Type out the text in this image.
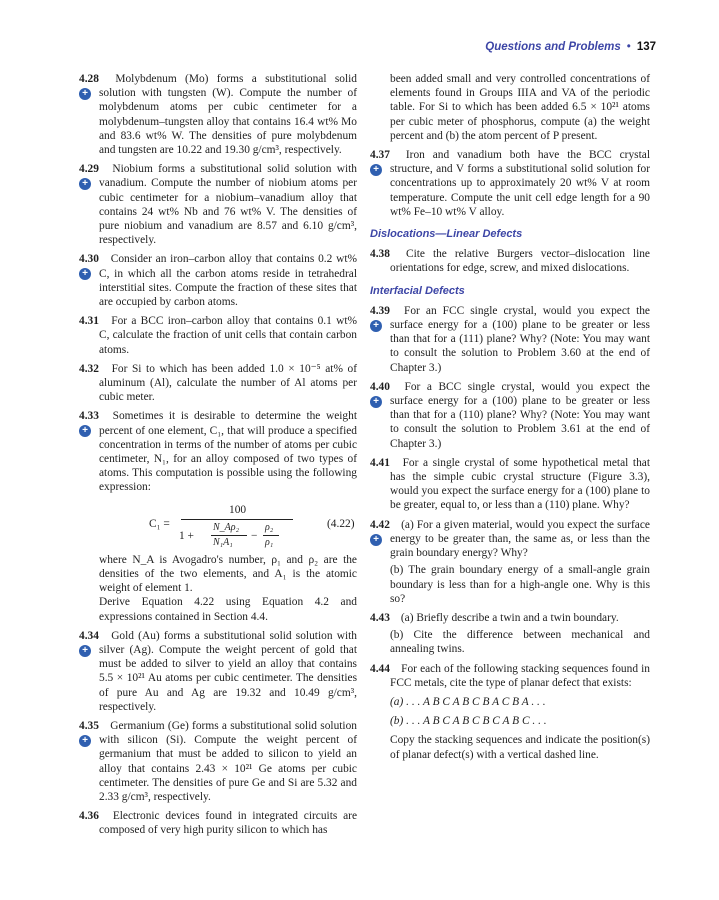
Questions and Problems • 137
+
4.28 Molybdenum (Mo) forms a substitutional solid solution with tungsten (W). Compute the number of molybdenum atoms per cubic centimeter for a molybdenum–tungsten alloy that contains 16.4 wt% Mo and 83.6 wt% W. The densities of pure molybdenum and tungsten are 10.22 and 19.30 g/cm³, respectively.
+
4.29 Niobium forms a substitutional solid solution with vanadium. Compute the number of niobium atoms per cubic centimeter for a niobium–vanadium alloy that contains 24 wt% Nb and 76 wt% V. The densities of pure niobium and vanadium are 8.57 and 6.10 g/cm³, respectively.
+
4.30 Consider an iron–carbon alloy that contains 0.2 wt% C, in which all the carbon atoms reside in tetrahedral interstitial sites. Compute the fraction of these sites that are occupied by carbon atoms.
4.31 For a BCC iron–carbon alloy that contains 0.1 wt% C, calculate the fraction of unit cells that contain carbon atoms.
4.32 For Si to which has been added 1.0 × 10⁻⁵ at% of aluminum (Al), calculate the number of Al atoms per cubic meter.
+
4.33 Sometimes it is desirable to determine the weight percent of one element, C₁, that will produce a specified concentration in terms of the number of atoms per cubic centimeter, N₁, for an alloy composed of two types of atoms. This computation is possible using the following expression:
C₁ =
100
1 +
N_Aρ₂
N₁A₁
−
ρ₂
ρ₁
(4.22)
where N_A is Avogadro's number, ρ₁ and ρ₂ are the densities of the two elements, and A₁ is the atomic weight of element 1.
Derive Equation 4.22 using Equation 4.2 and expressions contained in Section 4.4.
+
4.34 Gold (Au) forms a substitutional solid solution with silver (Ag). Compute the weight percent of gold that must be added to silver to yield an alloy that contains 5.5 × 10²¹ Au atoms per cubic centimeter. The densities of pure Au and Ag are 19.32 and 10.49 g/cm³, respectively.
+
4.35 Germanium (Ge) forms a substitutional solid solution with silicon (Si). Compute the weight percent of germanium that must be added to silicon to yield an alloy that contains 2.43 × 10²¹ Ge atoms per cubic centimeter. The densities of pure Ge and Si are 5.32 and 2.33 g/cm³, respectively.
4.36 Electronic devices found in integrated circuits are composed of very high purity silicon to which has
been added small and very controlled concentrations of elements found in Groups IIIA and VA of the periodic table. For Si to which has been added 6.5 × 10²¹ atoms per cubic meter of phosphorus, compute (a) the weight percent and (b) the atom percent of P present.
+
4.37 Iron and vanadium both have the BCC crystal structure, and V forms a substitutional solid solution for concentrations up to approximately 20 wt% V at room temperature. Compute the unit cell edge length for a 90 wt% Fe–10 wt% V alloy.
Dislocations—Linear Defects
4.38 Cite the relative Burgers vector–dislocation line orientations for edge, screw, and mixed dislocations.
Interfacial Defects
+
4.39 For an FCC single crystal, would you expect the surface energy for a (100) plane to be greater or less than that for a (111) plane? Why? (Note: You may want to consult the solution to Problem 3.60 at the end of Chapter 3.)
+
4.40 For a BCC single crystal, would you expect the surface energy for a (100) plane to be greater or less than that for a (110) plane? Why? (Note: You may want to consult the solution to Problem 3.61 at the end of Chapter 3.)
4.41 For a single crystal of some hypothetical metal that has the simple cubic crystal structure (Figure 3.3), would you expect the surface energy for a (100) plane to be greater, equal to, or less than a (110) plane. Why?
+
4.42 (a) For a given material, would you expect the surface energy to be greater than, the same as, or less than the grain boundary energy? Why?
(b) The grain boundary energy of a small-angle grain boundary is less than for a high-angle one. Why is this so?
4.43 (a) Briefly describe a twin and a twin boundary.
(b) Cite the difference between mechanical and annealing twins.
4.44 For each of the following stacking sequences found in FCC metals, cite the type of planar defect that exists:
(a) . . . A B C A B C B A C B A . . .
(b) . . . A B C A B C B C A B C . . .
Copy the stacking sequences and indicate the position(s) of planar defect(s) with a vertical dashed line.
